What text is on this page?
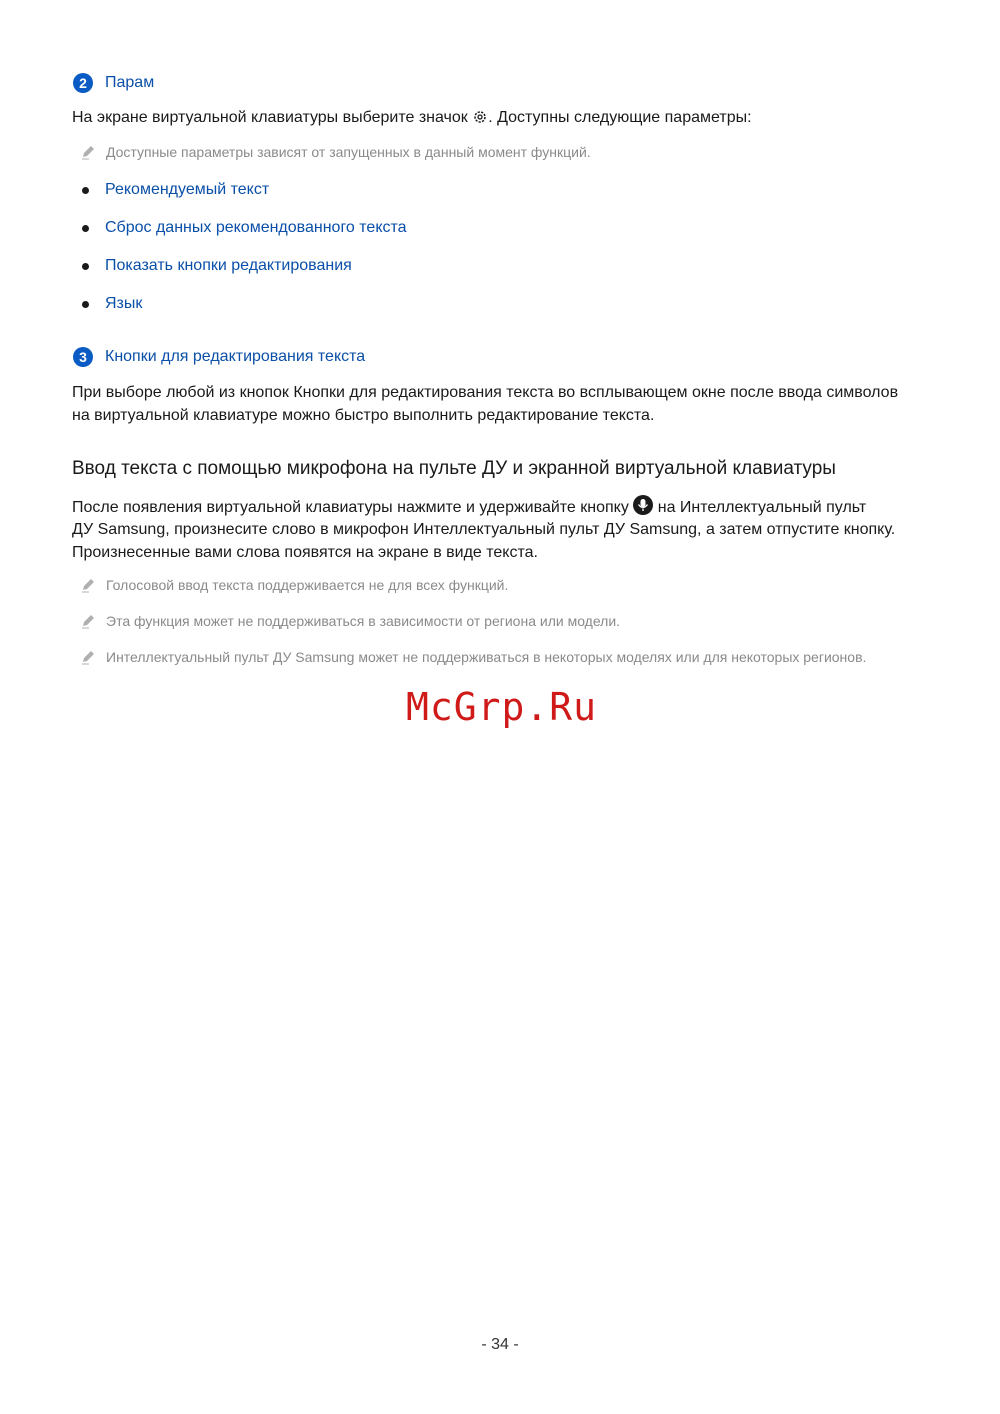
2	Парам
На экране виртуальной клавиатуры выберите значок . Доступны следующие параметры:
Доступные параметры зависят от запущенных в данный момент функций.
Рекомендуемый текст
Сброс данных рекомендованного текста
Показать кнопки редактирования
Язык
3	Кнопки для редактирования текста
При выборе любой из кнопок Кнопки для редактирования текста во всплывающем окне после ввода символов
на виртуальной клавиатуре можно быстро выполнить редактирование текста.
Ввод текста с помощью микрофона на пульте ДУ и экранной виртуальной клавиатуры
После появления виртуальной клавиатуры нажмите и удерживайте кнопку  на Интеллектуальный пульт
ДУ Samsung, произнесите слово в микрофон Интеллектуальный пульт ДУ Samsung, а затем отпустите кнопку.
Произнесенные вами слова появятся на экране в виде текста.
Голосовой ввод текста поддерживается не для всех функций.
Эта функция может не поддерживаться в зависимости от региона или модели.
Интеллектуальный пульт ДУ Samsung может не поддерживаться в некоторых моделях или для некоторых регионов.
McGrp.Ru
- 34 -
